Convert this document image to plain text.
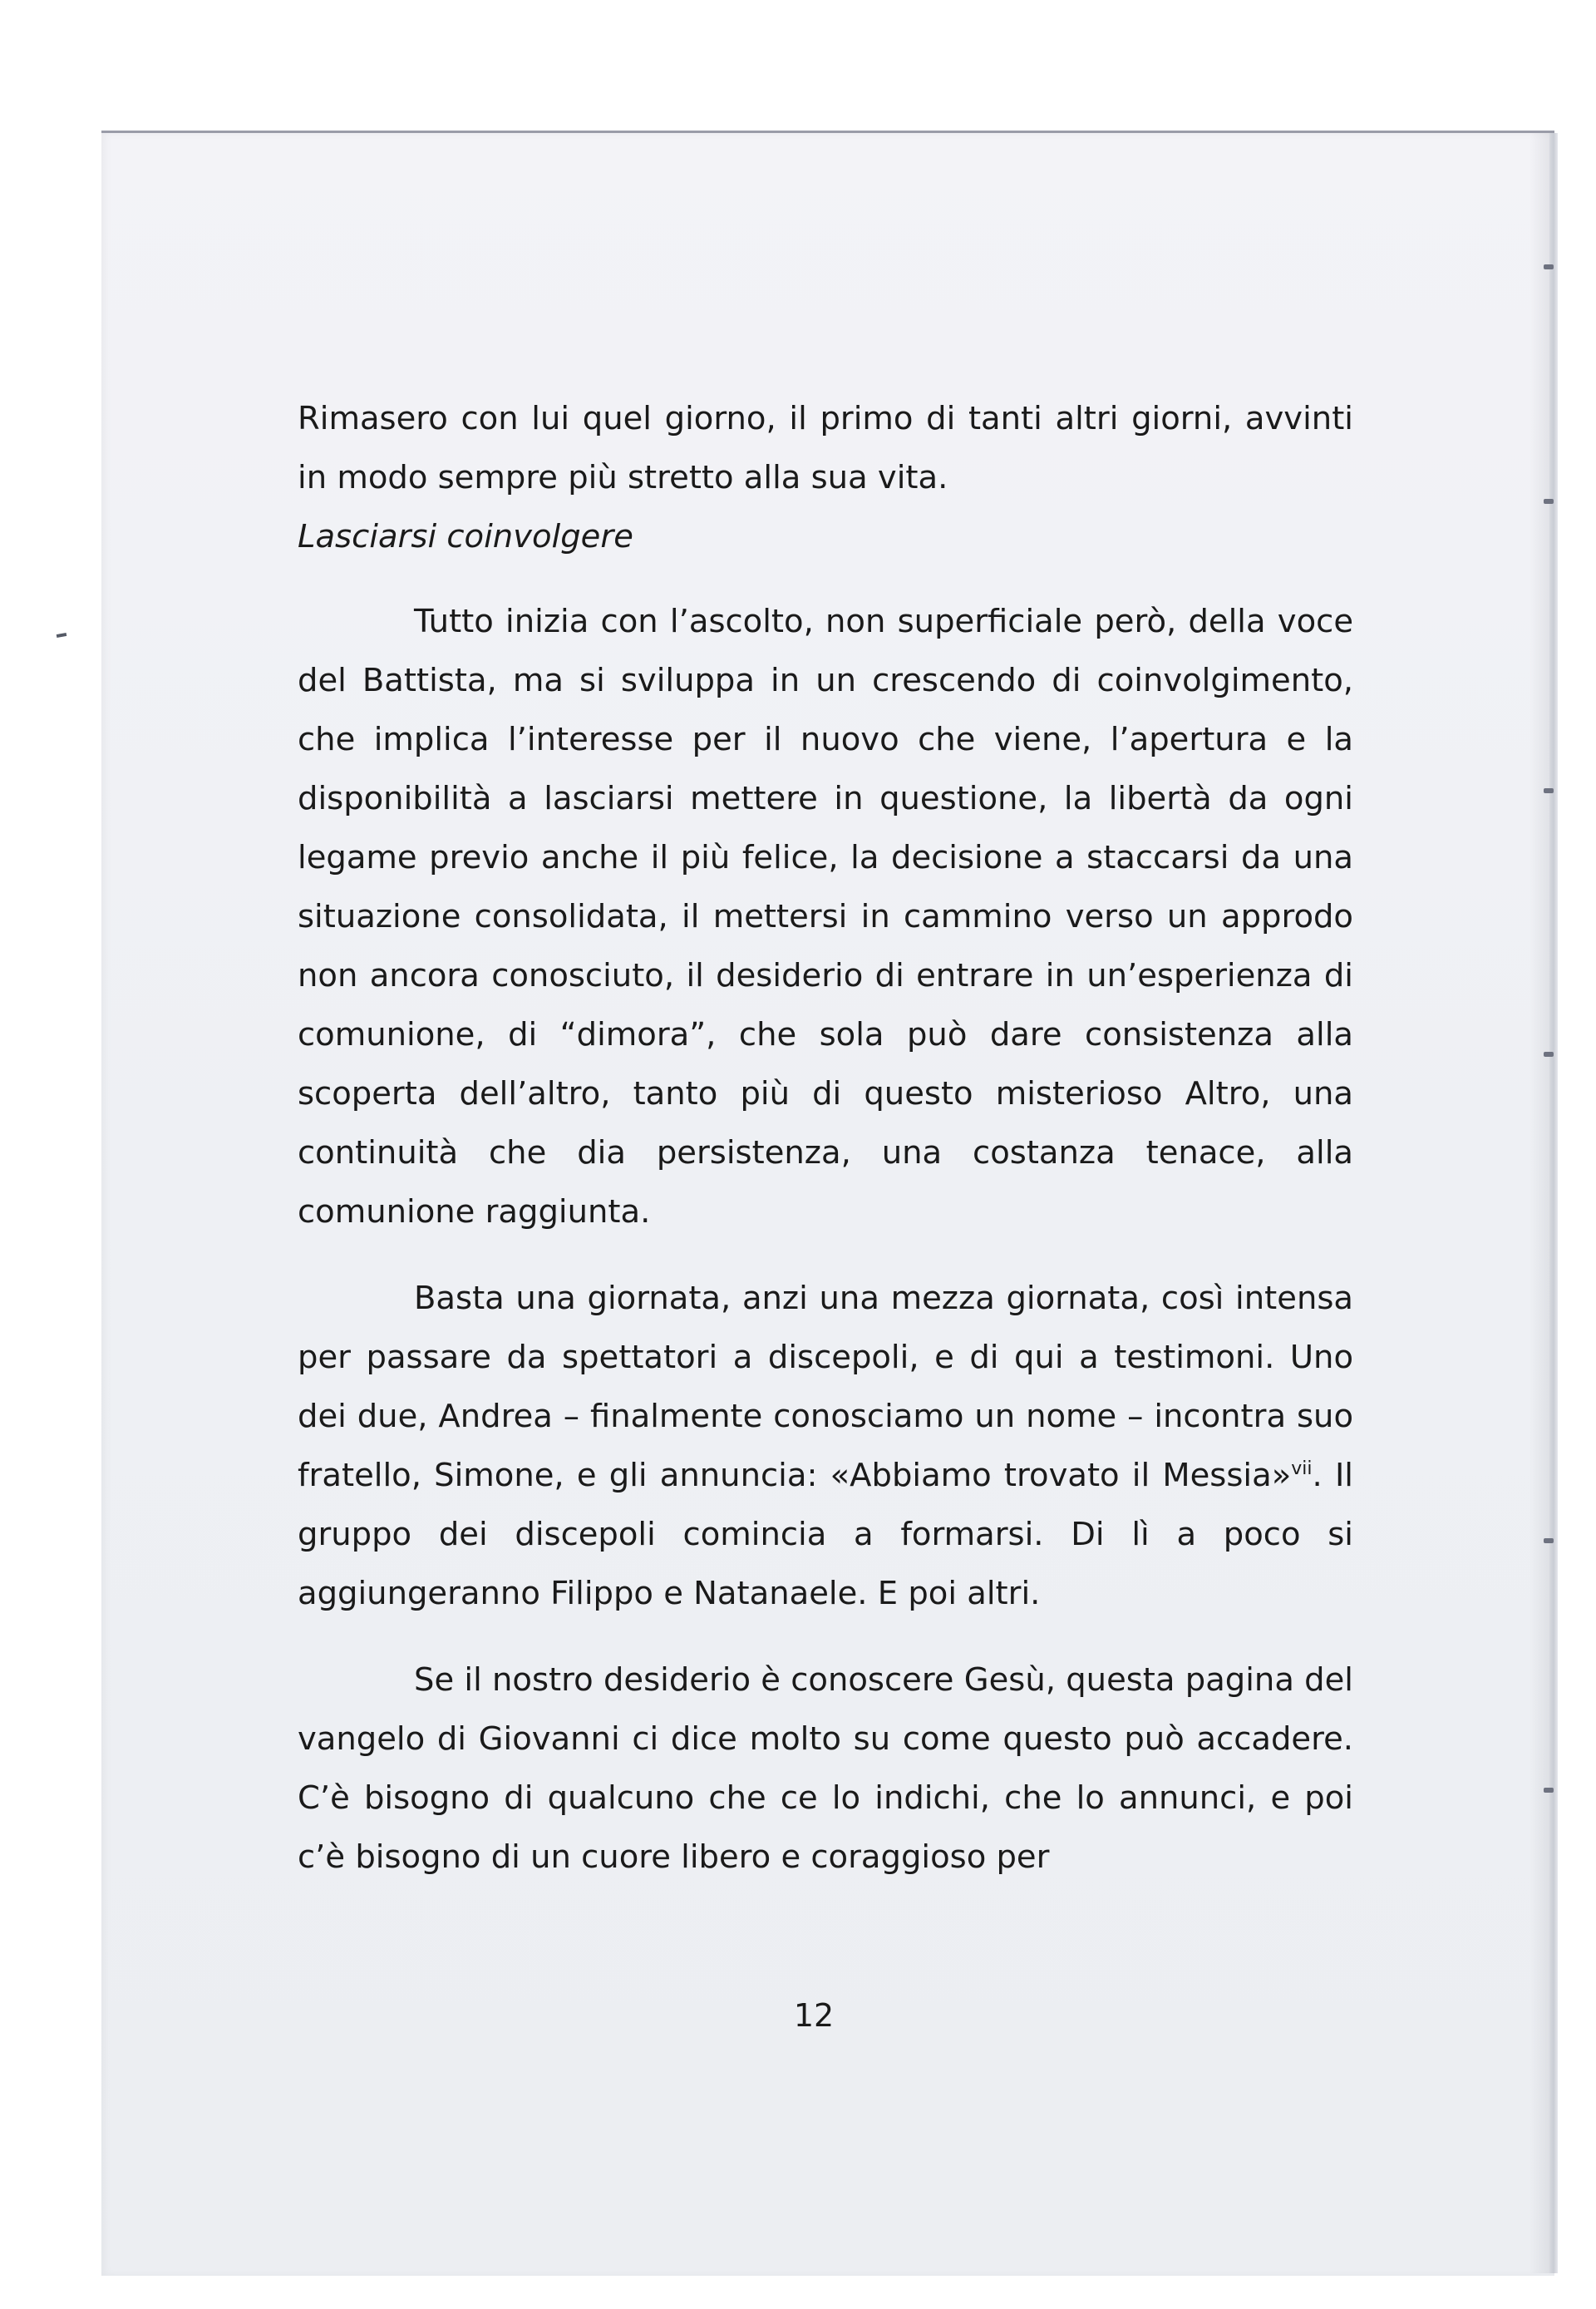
Rimasero con lui quel giorno, il primo di tanti altri giorni, avvinti in modo sempre più stretto alla sua vita.

Lasciarsi coinvolgere

Tutto inizia con l’ascolto, non superficiale però, della voce del Battista, ma si sviluppa in un crescendo di coinvolgimento, che implica l’interesse per il nuovo che viene, l’apertura e la disponibilità a lasciarsi mettere in questione, la libertà da ogni legame previo anche il più felice, la decisione a staccarsi da una situazione consolidata, il mettersi in cammino verso un approdo non ancora conosciuto, il desiderio di entrare in un’esperienza di comunione, di “dimora”, che sola può dare consistenza alla scoperta dell’altro, tanto più di questo misterioso Altro, una continuità che dia persistenza, una costanza tenace, alla comunione raggiunta.

Basta una giornata, anzi una mezza giornata, così intensa per passare da spettatori a discepoli, e di qui a testimoni. Uno dei due, Andrea – finalmente conosciamo un nome – incontra suo fratello, Simone, e gli annuncia: «Abbiamo trovato il Messia»$^{vii}$. Il gruppo dei discepoli comincia a formarsi. Di lì a poco si aggiungeranno Filippo e Natanaele. E poi altri.

Se il nostro desiderio è conoscere Gesù, questa pagina del vangelo di Giovanni ci dice molto su come questo può accadere. C’è bisogno di qualcuno che ce lo indichi, che lo annunci, e poi c’è bisogno di un cuore libero e coraggioso per

12
